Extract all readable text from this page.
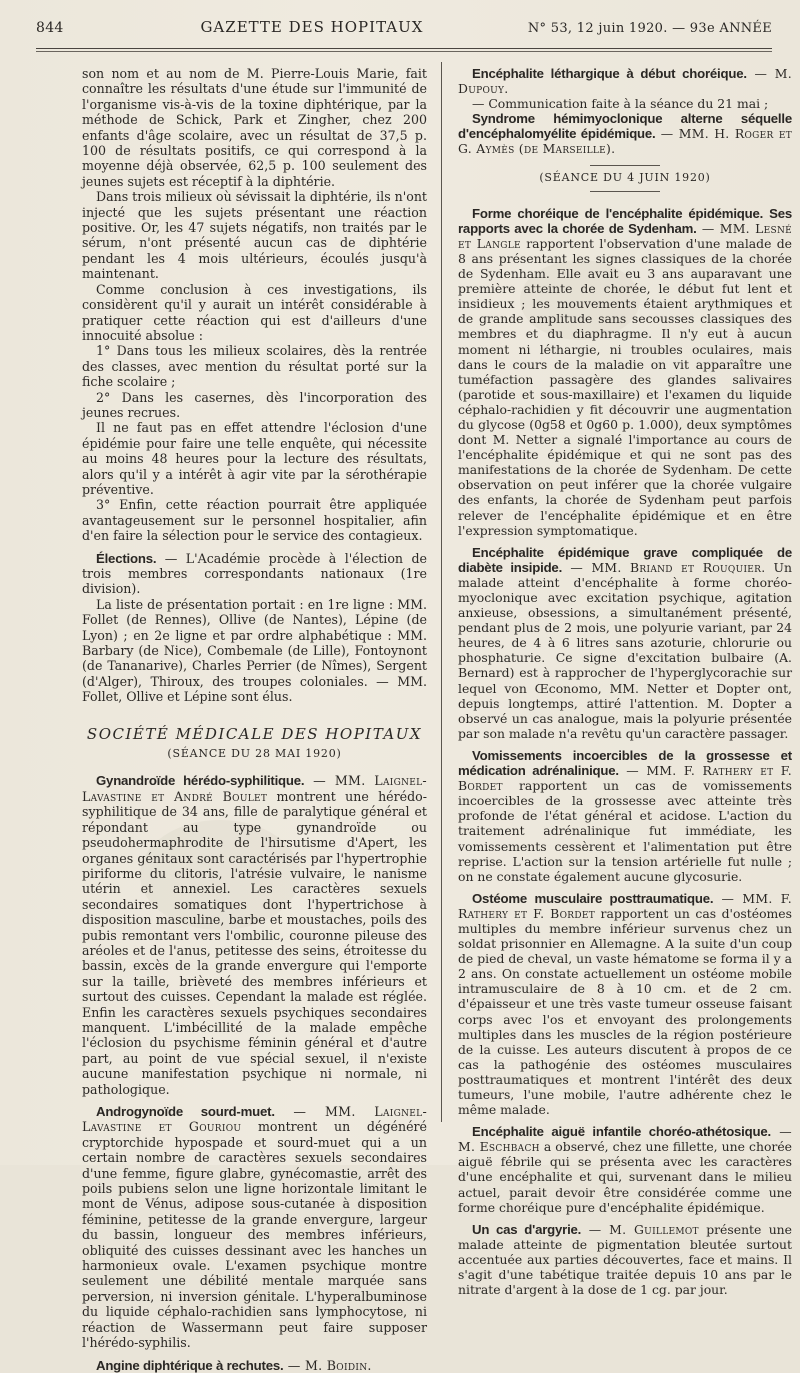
844	GAZETTE DES HOPITAUX	N° 53, 12 juin 1920. — 93e ANNÉE

son nom et au nom de M. Pierre-Louis Marie, fait connaître les résultats d'une étude sur l'immunité de l'organisme vis-à-vis de la toxine diphtérique, par la méthode de Schick, Park et Zingher, chez 200 enfants d'âge scolaire, avec un résultat de 37,5 p. 100 de résultats positifs, ce qui correspond à la moyenne déjà observée, 62,5 p. 100 seulement des jeunes sujets est réceptif à la diphtérie.

Dans trois milieux où sévissait la diphtérie, ils n'ont injecté que les sujets présentant une réaction positive. Or, les 47 sujets négatifs, non traités par le sérum, n'ont présenté aucun cas de diphtérie pendant les 4 mois ultérieurs, écoulés jusqu'à maintenant.

Comme conclusion à ces investigations, ils considèrent qu'il y aurait un intérêt considérable à pratiquer cette réaction qui est d'ailleurs d'une innocuité absolue :

1° Dans tous les milieux scolaires, dès la rentrée des classes, avec mention du résultat porté sur la fiche scolaire ;

2° Dans les casernes, dès l'incorporation des jeunes recrues.

Il ne faut pas en effet attendre l'éclosion d'une épidémie pour faire une telle enquête, qui nécessite au moins 48 heures pour la lecture des résultats, alors qu'il y a intérêt à agir vite par la sérothérapie préventive.

3° Enfin, cette réaction pourrait être appliquée avantageusement sur le personnel hospitalier, afin d'en faire la sélection pour le service des contagieux.

Élections. — L'Académie procède à l'élection de trois membres correspondants nationaux (1re division).

La liste de présentation portait : en 1re ligne : MM. Follet (de Rennes), Ollive (de Nantes), Lépine (de Lyon) ; en 2e ligne et par ordre alphabétique : MM. Barbary (de Nice), Combemale (de Lille), Fontoynont (de Tananarive), Charles Perrier (de Nîmes), Sergent (d'Alger), Thiroux, des troupes coloniales. — MM. Follet, Ollive et Lépine sont élus.

SOCIÉTÉ MÉDICALE DES HOPITAUX
(SÉANCE DU 28 MAI 1920)

Gynandroïde hérédo-syphilitique. — MM. Laignel-Lavastine et André Boulet montrent une hérédo-syphilitique de 34 ans, fille de paralytique général et répondant au type gynandroïde ou pseudohermaphrodite de l'hirsutisme d'Apert, les organes génitaux sont caractérisés par l'hypertrophie piriforme du clitoris, l'atrésie vulvaire, le nanisme utérin et annexiel. Les caractères sexuels secondaires somatiques dont l'hypertrichose à disposition masculine, barbe et moustaches, poils des pubis remontant vers l'ombilic, couronne pileuse des aréoles et de l'anus, petitesse des seins, étroitesse du bassin, excès de la grande envergure qui l'emporte sur la taille, brièveté des membres inférieurs et surtout des cuisses. Cependant la malade est réglée. Enfin les caractères sexuels psychiques secondaires manquent. L'imbécillité de la malade empêche l'éclosion du psychisme féminin général et d'autre part, au point de vue spécial sexuel, il n'existe aucune manifestation psychique ni normale, ni pathologique.

Androgynoïde sourd-muet. — MM. Laignel-Lavastine et Gouriou montrent un dégénéré cryptorchide hypospade et sourd-muet qui a un certain nombre de caractères sexuels secondaires d'une femme, figure glabre, gynécomastie, arrêt des poils pubiens selon une ligne horizontale limitant le mont de Vénus, adipose sous-cutanée à disposition féminine, petitesse de la grande envergure, largeur du bassin, longueur des membres inférieurs, obliquité des cuisses dessinant avec les hanches un harmonieux ovale. L'examen psychique montre seulement une débilité mentale marquée sans perversion, ni inversion génitale. L'hyperalbuminose du liquide céphalo-rachidien sans lymphocytose, ni réaction de Wassermann peut faire supposer l'hérédo-syphilis.

Angine diphtérique à rechutes. — M. Boidin.

Encéphalite léthargique à début choréique. — M. Dupouy.

— Communication faite à la séance du 21 mai ;

Syndrome hémimyoclonique alterne séquelle d'encéphalomyélite épidémique. — MM. H. Roger et G. Aymès (de Marseille).

(SÉANCE DU 4 JUIN 1920)

Forme choréique de l'encéphalite épidémique. Ses rapports avec la chorée de Sydenham. — MM. Lesné et Langle rapportent l'observation d'une malade de 8 ans présentant les signes classiques de la chorée de Sydenham. Elle avait eu 3 ans auparavant une première atteinte de chorée, le début fut lent et insidieux ; les mouvements étaient arythmiques et de grande amplitude sans secousses classiques des membres et du diaphragme. Il n'y eut à aucun moment ni léthargie, ni troubles oculaires, mais dans le cours de la maladie on vit apparaître une tuméfaction passagère des glandes salivaires (parotide et sous-maxillaire) et l'examen du liquide céphalo-rachidien y fit découvrir une augmentation du glycose (0g58 et 0g60 p. 1.000), deux symptômes dont M. Netter a signalé l'importance au cours de l'encéphalite épidémique et qui ne sont pas des manifestations de la chorée de Sydenham. De cette observation on peut inférer que la chorée vulgaire des enfants, la chorée de Sydenham peut parfois relever de l'encéphalite épidémique et en être l'expression symptomatique.

Encéphalite épidémique grave compliquée de diabète insipide. — MM. Briand et Rouquier. Un malade atteint d'encéphalite à forme choréo-myoclonique avec excitation psychique, agitation anxieuse, obsessions, a simultanément présenté, pendant plus de 2 mois, une polyurie variant, par 24 heures, de 4 à 6 litres sans azoturie, chlorurie ou phosphaturie. Ce signe d'excitation bulbaire (A. Bernard) est à rapprocher de l'hyperglycorachie sur lequel von Œconomo, MM. Netter et Dopter ont, depuis longtemps, attiré l'attention. M. Dopter a observé un cas analogue, mais la polyurie présentée par son malade n'a revêtu qu'un caractère passager.

Vomissements incoercibles de la grossesse et médication adrénalinique. — MM. F. Rathery et F. Bordet rapportent un cas de vomissements incoercibles de la grossesse avec atteinte très profonde de l'état général et acidose. L'action du traitement adrénalinique fut immédiate, les vomissements cessèrent et l'alimentation put être reprise. L'action sur la tension artérielle fut nulle ; on ne constate également aucune glycosurie.

Ostéome musculaire posttraumatique. — MM. F. Rathery et F. Bordet rapportent un cas d'ostéomes multiples du membre inférieur survenus chez un soldat prisonnier en Allemagne. A la suite d'un coup de pied de cheval, un vaste hématome se forma il y a 2 ans. On constate actuellement un ostéome mobile intramusculaire de 8 à 10 cm. et de 2 cm. d'épaisseur et une très vaste tumeur osseuse faisant corps avec l'os et envoyant des prolongements multiples dans les muscles de la région postérieure de la cuisse. Les auteurs discutent à propos de ce cas la pathogénie des ostéomes musculaires posttraumatiques et montrent l'intérêt des deux tumeurs, l'une mobile, l'autre adhérente chez le même malade.

Encéphalite aiguë infantile choréo-athétosique. — M. Eschbach a observé, chez une fillette, une chorée aiguë fébrile qui se présenta avec les caractères d'une encéphalite et qui, survenant dans le milieu actuel, parait devoir être considérée comme une forme choréique pure d'encéphalite épidémique.

Un cas d'argyrie. — M. Guillemot présente une malade atteinte de pigmentation bleutée surtout accentuée aux parties découvertes, face et mains. Il s'agit d'une tabétique traitée depuis 10 ans par le nitrate d'argent à la dose de 1 cg. par jour.
